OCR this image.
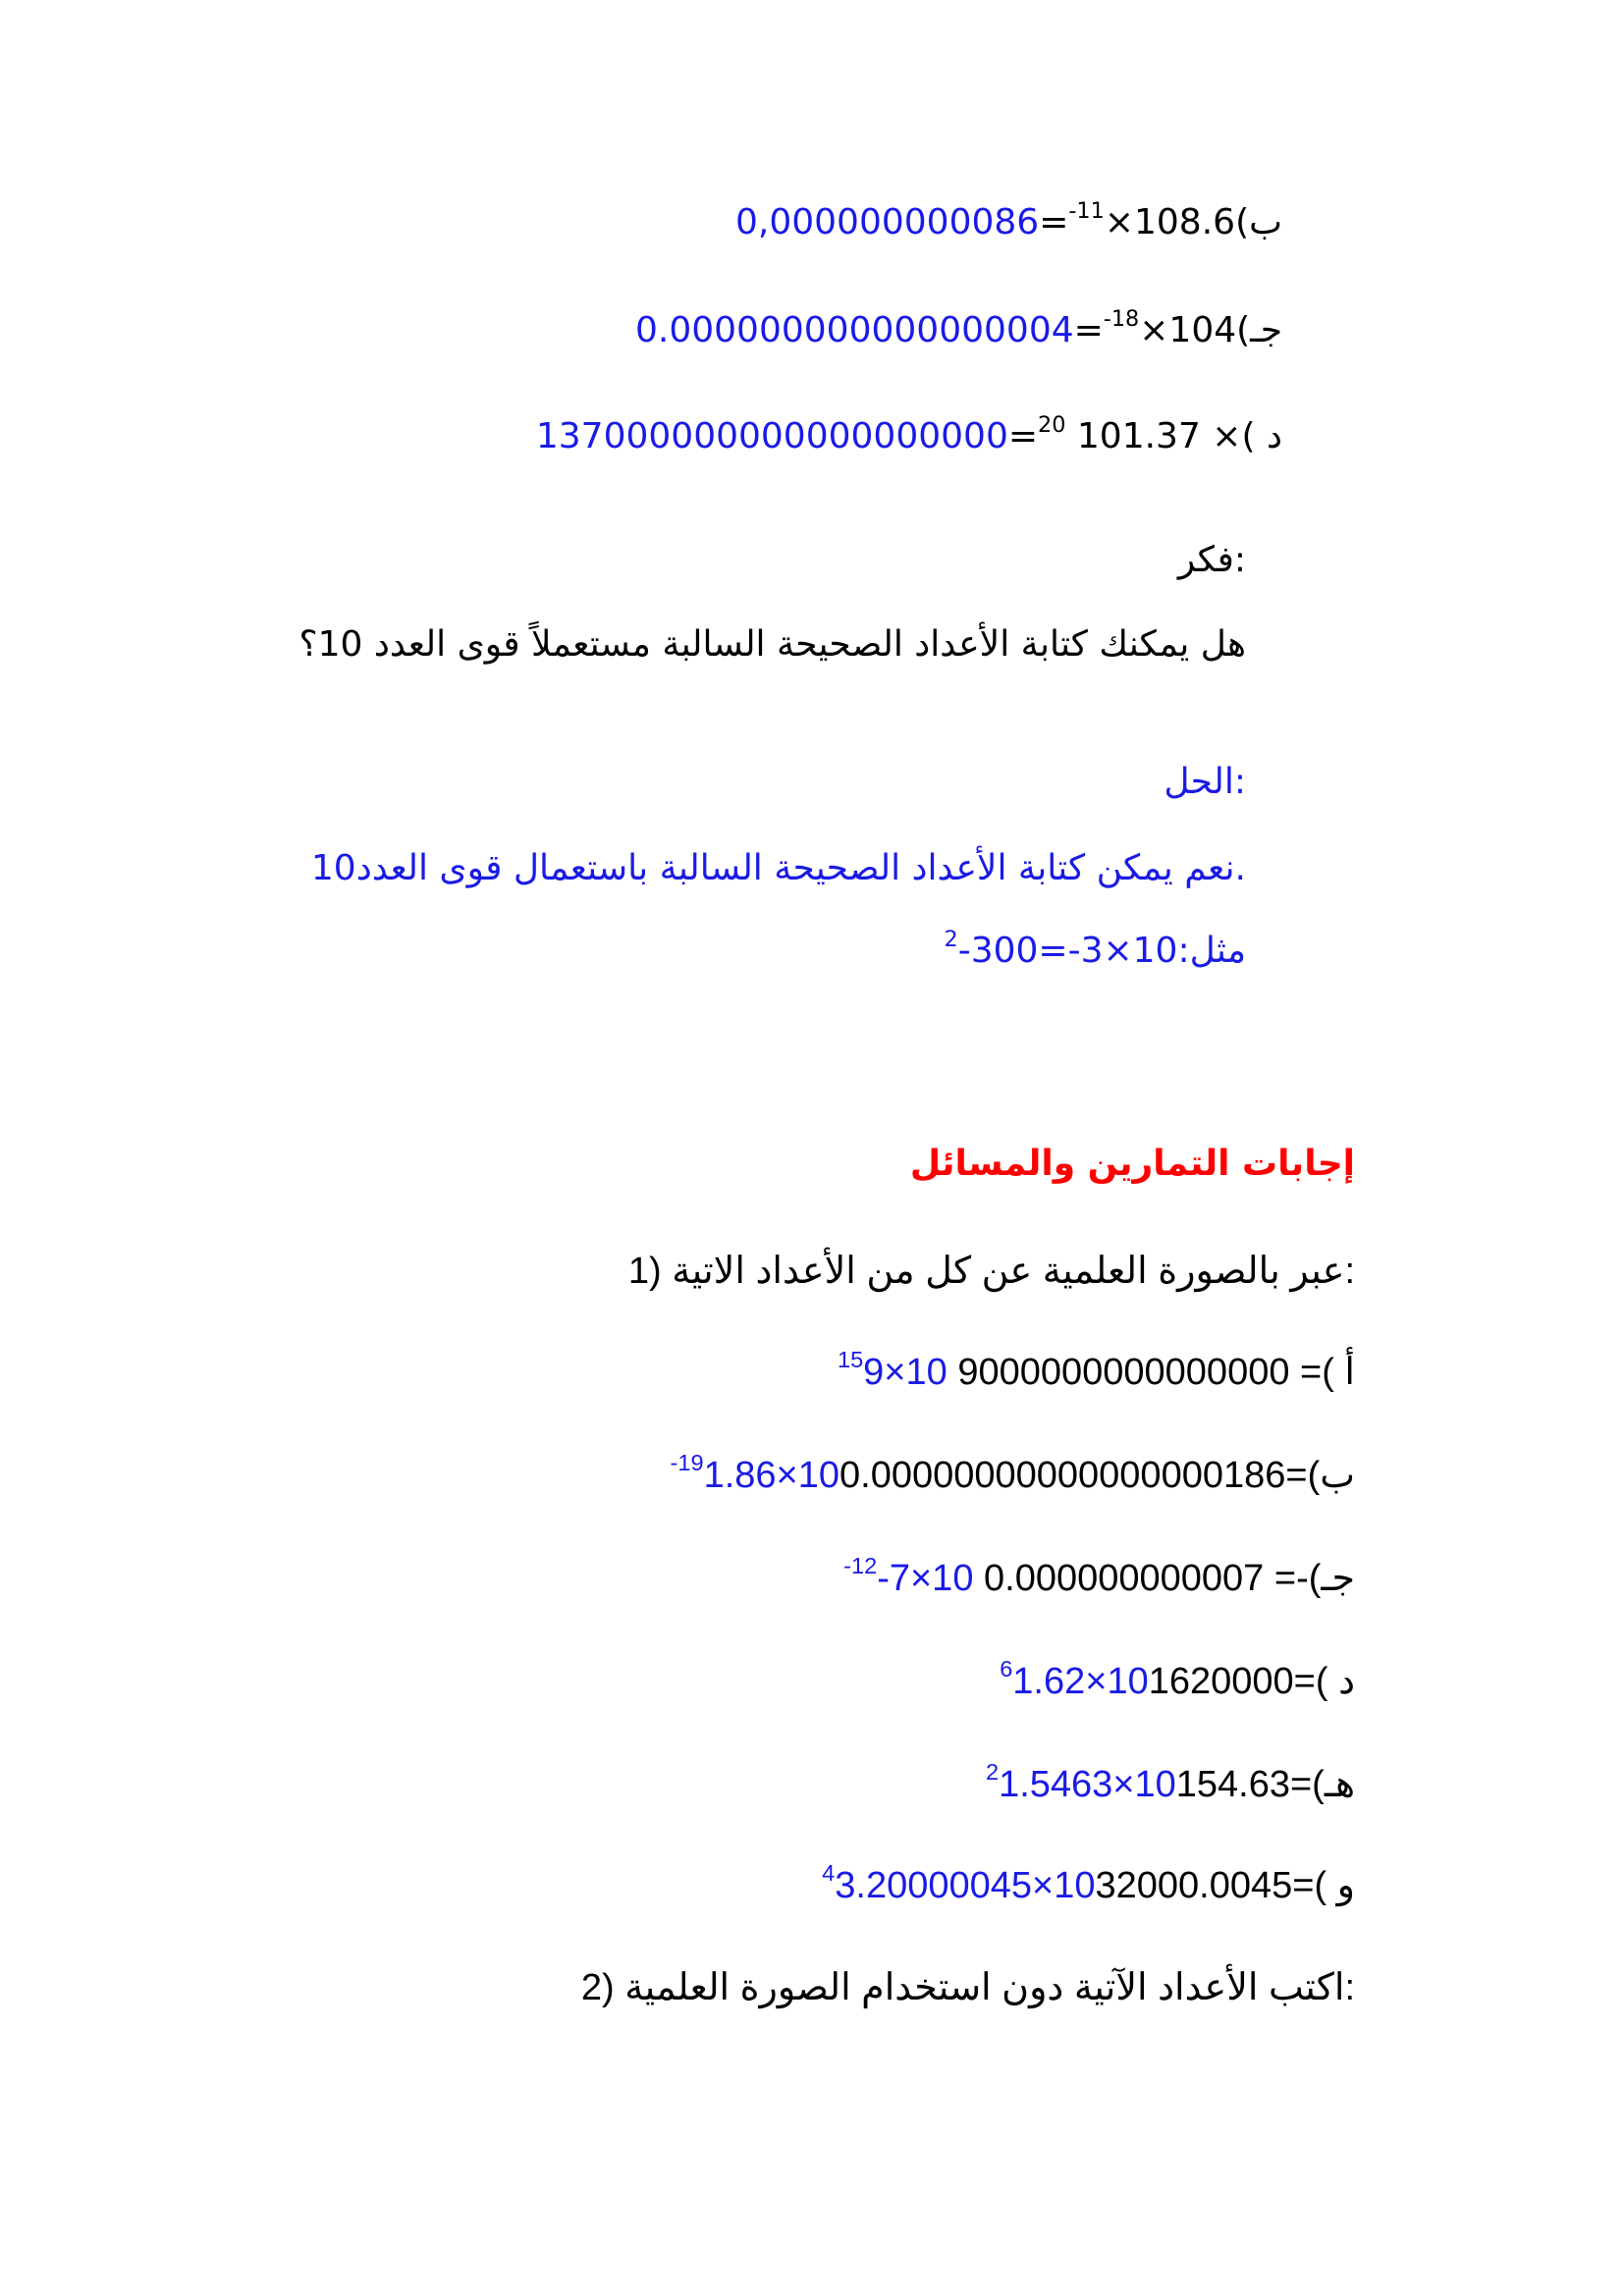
0,000000000086=$^{-11}$×108.6ب)
0.000000000000000004=$^{-18}$×104جـ)
137000000000000000000=$^{20}$ 101.37 ×د )
فكر:
هل يمكنك كتابة الأعداد الصحيحة السالبة مستعملاً قوى العدد 10؟
الحل:
نعم يمكن كتابة الأعداد الصحيحة السالبة باستعمال قوى العدد10.
$^2$-300=-3×10مثل:
إجابات التمارين والمسائل
1) عبر بالصورة العلمية عن كل من الأعداد الاتية:
$^{15}$9×10 9000000000000000 =أ )
$^{-19}$1.86×100.00000000000000000186=ب)
$^{-12}$-7×10 0.000000000007 =جـ)-
$^6$1.62×101620000=د )
$^2$1.5463×10154.63=هـ)
$^4$3.20000045×1032000.0045=و )
2) اكتب الأعداد الآتية دون استخدام الصورة العلمية:
